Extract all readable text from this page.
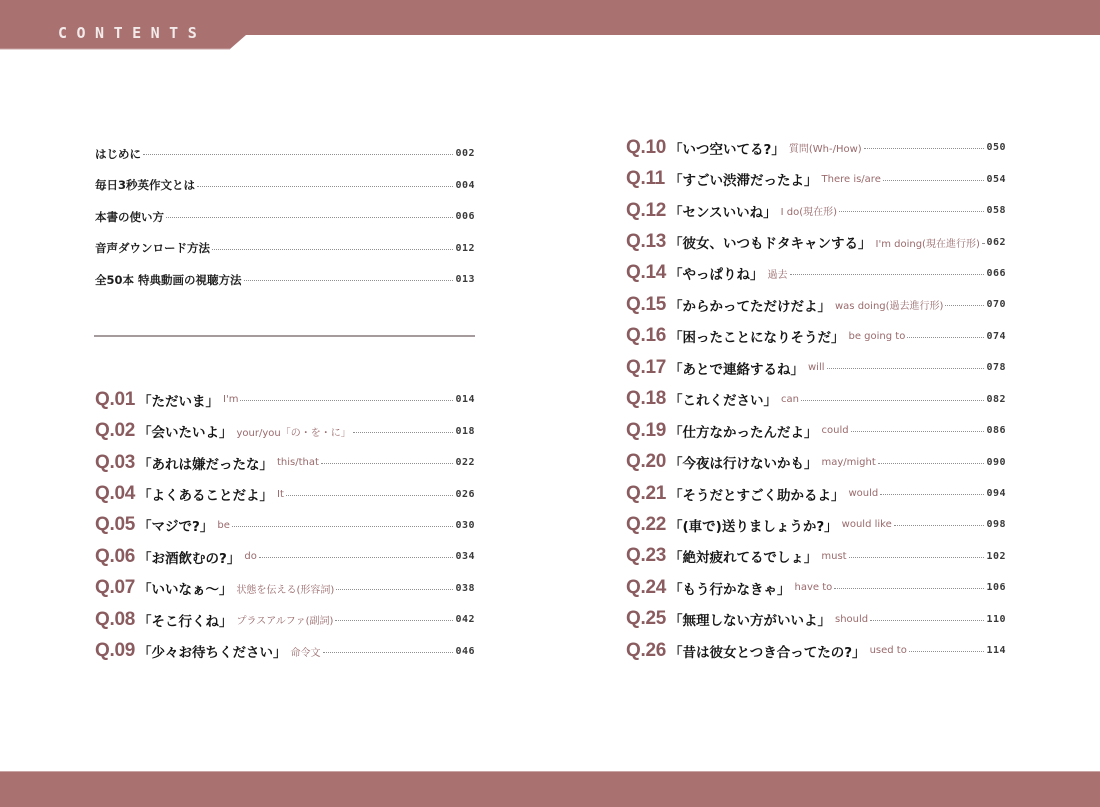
CONTENTS
はじめに	002
毎日3秒英作文とは	004
本書の使い方	006
音声ダウンロード方法	012
全50本 特典動画の視聴方法	013
Q.01 「ただいま」 I'm	014
Q.02 「会いたいよ」 your/you「の・を・に」	018
Q.03 「あれは嫌だったな」 this/that	022
Q.04 「よくあることだよ」 It	026
Q.05 「マジで?」 be	030
Q.06 「お酒飲むの?」 do	034
Q.07 「いいなぁ〜」 状態を伝える(形容詞)	038
Q.08 「そこ行くね」 プラスアルファ(副詞)	042
Q.09 「少々お待ちください」 命令文	046
Q.10 「いつ空いてる?」 質問(Wh-/How)	050
Q.11 「すごい渋滞だったよ」 There is/are	054
Q.12 「センスいいね」 I do(現在形)	058
Q.13 「彼女、いつもドタキャンする」 I'm doing(現在進行形) 062
Q.14 「やっぱりね」 過去	066
Q.15 「からかってただけだよ」 was doing(過去進行形)	070
Q.16 「困ったことになりそうだ」 be going to	074
Q.17 「あとで連絡するね」 will	078
Q.18 「これください」 can	082
Q.19 「仕方なかったんだよ」 could	086
Q.20 「今夜は行けないかも」 may/might	090
Q.21 「そうだとすごく助かるよ」 would	094
Q.22 「(車で)送りましょうか?」 would like	098
Q.23 「絶対疲れてるでしょ」 must	102
Q.24 「もう行かなきゃ」 have to	106
Q.25 「無理しない方がいいよ」 should	110
Q.26 「昔は彼女とつき合ってたの?」 used to	114
